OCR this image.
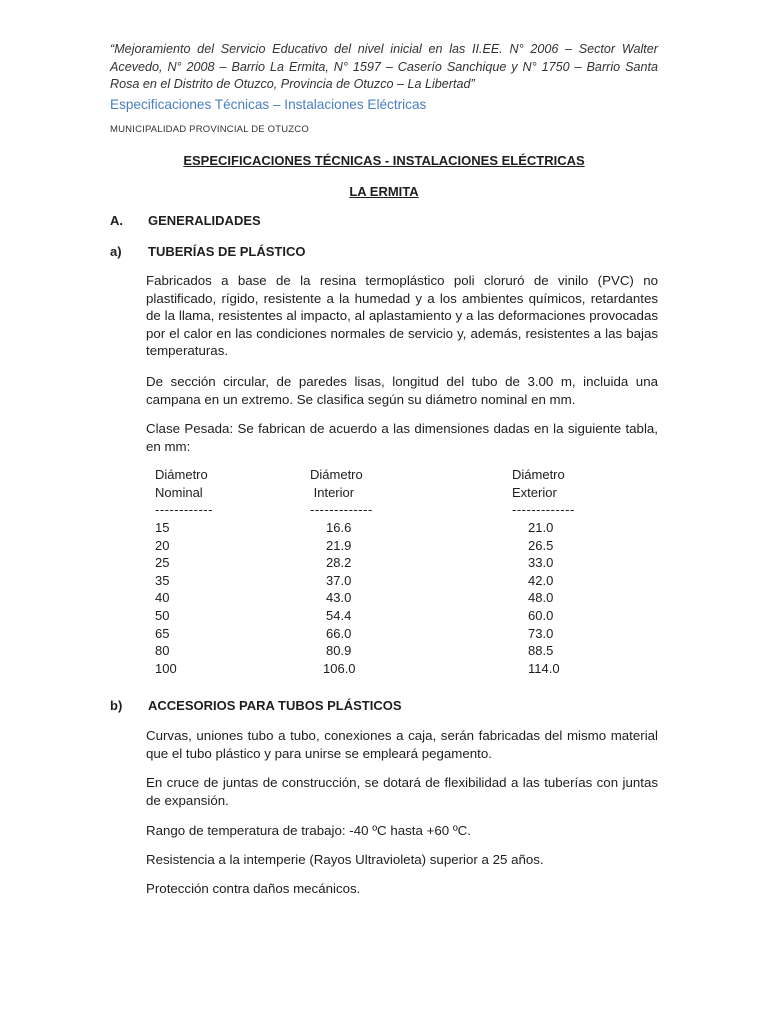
“Mejoramiento del Servicio Educativo del nivel inicial en las II.EE. N° 2006 – Sector Walter Acevedo, N° 2008 – Barrio La Ermita, N° 1597 – Caserío Sanchique y N° 1750 – Barrio Santa Rosa en el Distrito de Otuzco, Provincia de Otuzco – La Libertad”

Especificaciones Técnicas – Instalaciones Eléctricas

MUNICIPALIDAD PROVINCIAL DE OTUZCO

ESPECIFICACIONES TÉCNICAS - INSTALACIONES ELÉCTRICAS

LA ERMITA

A. GENERALIDADES

a) TUBERÍAS DE PLÁSTICO

Fabricados a base de la resina termoplástico poli cloruró de vinilo (PVC) no plastificado, rígido, resistente a la humedad y a los ambientes químicos, retardantes de la llama, resistentes al impacto, al aplastamiento y a las deformaciones provocadas por el calor en las condiciones normales de servicio y, además, resistentes a las bajas temperaturas.

De sección circular, de paredes lisas, longitud del tubo de 3.00 m, incluida una campana en un extremo. Se clasifica según su diámetro nominal en mm.

Clase Pesada: Se fabrican de acuerdo a las dimensiones dadas en la siguiente tabla, en mm:

Diámetro	Diámetro	Diámetro
Nominal	Interior	Exterior
------------	-------------	-------------
15	16.6	21.0
20	21.9	26.5
25	28.2	33.0
35	37.0	42.0
40	43.0	48.0
50	54.4	60.0
65	66.0	73.0
80	80.9	88.5
100	106.0	114.0

b) ACCESORIOS PARA TUBOS PLÁSTICOS

Curvas, uniones tubo a tubo, conexiones a caja, serán fabricadas del mismo material que el tubo plástico y para unirse se empleará pegamento.

En cruce de juntas de construcción, se dotará de flexibilidad a las tuberías con juntas de expansión.

Rango de temperatura de trabajo: -40 ºC hasta +60 ºC.

Resistencia a la intemperie (Rayos Ultravioleta) superior a 25 años.

Protección contra daños mecánicos.
